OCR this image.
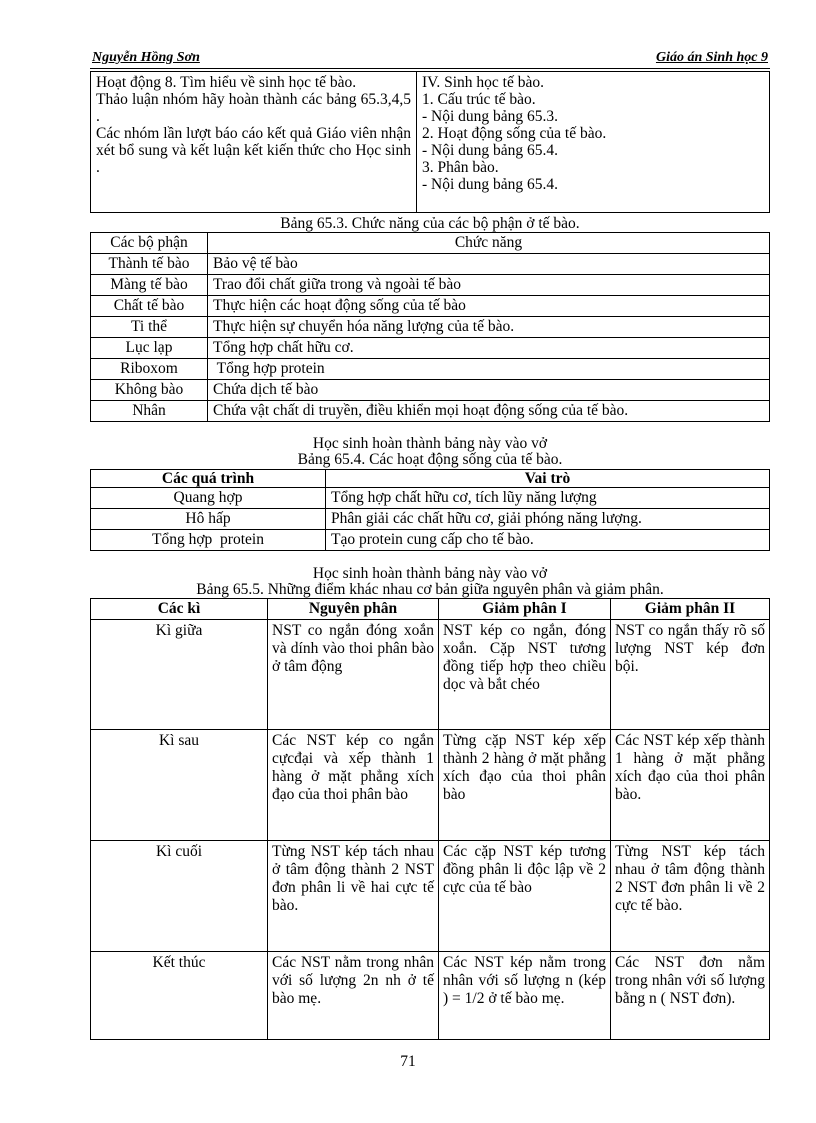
Nguyễn Hồng Sơn	Giáo án Sinh học 9
Hoạt động 8. Tìm hiểu về sinh học tế bào.
Thảo luận nhóm hãy hoàn thành các bảng 65.3,4,5 .
Các nhóm lần lượt báo cáo kết quả Giáo viên nhận xét bổ sung và kết luận kết kiến thức cho Học sinh .

IV. Sinh học tế bào.
1. Cấu trúc tế bào.
- Nội dung bảng 65.3.
2. Hoạt động sống của tế bào.
- Nội dung bảng 65.4.
3. Phân bào.
- Nội dung bảng 65.4.
Bảng 65.3. Chức năng của các bộ phận ở tế bào.
Các bộ phận	Chức năng
Thành tế bào	Bảo vệ tế bào
Màng tế bào	Trao đổi chất giữa trong và ngoài tế bào
Chất tế bào	Thực hiện các hoạt động sống của tế bào
Ti thể	Thực hiện sự chuyển hóa năng lượng của tế bào.
Lục lạp	Tổng hợp chất hữu cơ.
Riboxom	Tổng hợp protein
Không bào	Chứa dịch tế bào
Nhân	Chứa vật chất di truyền, điều khiển mọi hoạt động sống của tế bào.
Học sinh hoàn thành bảng này vào vở
Bảng 65.4. Các hoạt động sống của tế bào.
Các quá trình	Vai trò
Quang hợp	Tổng hợp chất hữu cơ, tích lũy năng lượng
Hô hấp	Phân giải các chất hữu cơ, giải phóng năng lượng.
Tổng hợp  protein	Tạo protein cung cấp cho tế bào.
Học sinh hoàn thành bảng này vào vở
Bảng 65.5. Những điểm khác nhau cơ bản giữa nguyên phân và giảm phân.
Các kì	Nguyên phân	Giảm phân I	Giảm phân II
Kì giữa	NST co ngắn đóng xoắn và dính vào thoi phân bào ở tâm động	NST kép co ngắn, đóng xoắn. Cặp NST tương đồng tiếp hợp theo chiều dọc và bắt chéo	NST co ngắn thấy rõ số lượng NST kép đơn bội.
Kì sau	Các NST kép co ngắn cựcđại và xếp thành 1 hàng ở mặt phẳng xích đạo của thoi phân bào	Từng cặp NST kép xếp thành 2 hàng ở mặt phẳng xích đạo của thoi phân bào	Các NST kép xếp thành 1 hàng ở mặt phẳng xích đạo của thoi phân bào.
Kì cuối	Từng NST kép tách nhau ở tâm động thành 2 NST đơn phân li về hai cực tế bào.	Các cặp NST kép tương đồng phân li độc lập về 2 cực của tế bào	Từng NST kép tách nhau ở tâm động thành 2 NST đơn phân li về 2 cực tế bào.
Kết thúc	Các NST nằm trong nhân với số lượng 2n nh ở tế bào mẹ.	Các NST kép nằm trong nhân với số lượng n (kép ) = 1/2 ở tế bào mẹ.	Các NST đơn nằm trong nhân với số lượng bằng n ( NST đơn).
71
